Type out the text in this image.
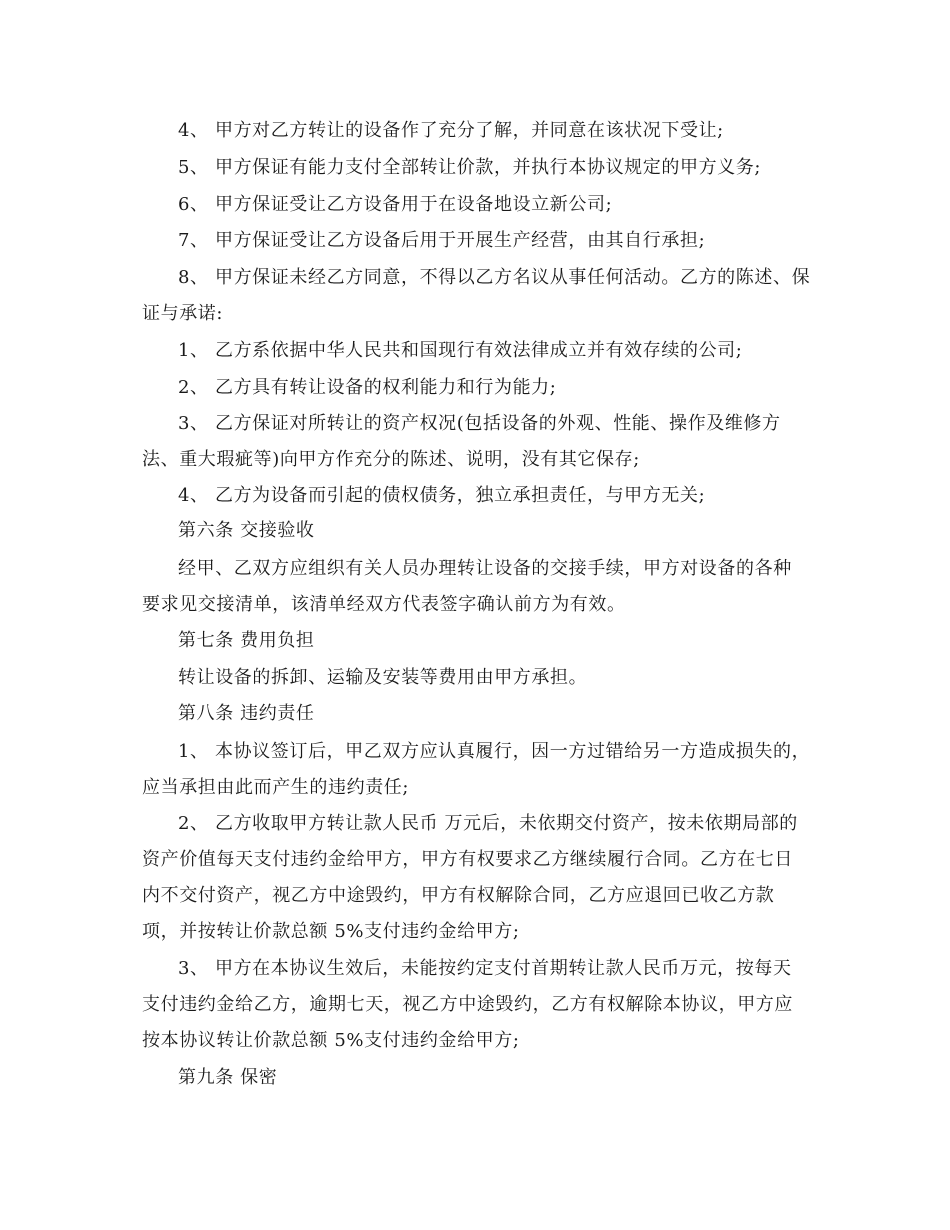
4、 甲方对乙方转让的设备作了充分了解，并同意在该状况下受让;
5、 甲方保证有能力支付全部转让价款，并执行本协议规定的甲方义务;
6、 甲方保证受让乙方设备用于在设备地设立新公司;
7、 甲方保证受让乙方设备后用于开展生产经营，由其自行承担;
8、 甲方保证未经乙方同意，不得以乙方名议从事任何活动。乙方的陈述、保
证与承诺:
1、 乙方系依据中华人民共和国现行有效法律成立并有效存续的公司;
2、 乙方具有转让设备的权利能力和行为能力;
3、 乙方保证对所转让的资产权况(包括设备的外观、性能、操作及维修方
法、重大瑕疵等)向甲方作充分的陈述、说明，没有其它保存;
4、 乙方为设备而引起的债权债务，独立承担责任，与甲方无关;
第六条 交接验收
经甲、乙双方应组织有关人员办理转让设备的交接手续，甲方对设备的各种
要求见交接清单，该清单经双方代表签字确认前方为有效。
第七条 费用负担
转让设备的拆卸、运输及安装等费用由甲方承担。
第八条 违约责任
1、 本协议签订后，甲乙双方应认真履行，因一方过错给另一方造成损失的，
应当承担由此而产生的违约责任;
2、 乙方收取甲方转让款人民币 万元后，未依期交付资产，按未依期局部的
资产价值每天支付违约金给甲方，甲方有权要求乙方继续履行合同。乙方在七日
内不交付资产，视乙方中途毁约，甲方有权解除合同，乙方应退回已收乙方款
项，并按转让价款总额 5%支付违约金给甲方;
3、 甲方在本协议生效后，未能按约定支付首期转让款人民币万元，按每天
支付违约金给乙方，逾期七天，视乙方中途毁约，乙方有权解除本协议，甲方应
按本协议转让价款总额 5%支付违约金给甲方;
第九条 保密
